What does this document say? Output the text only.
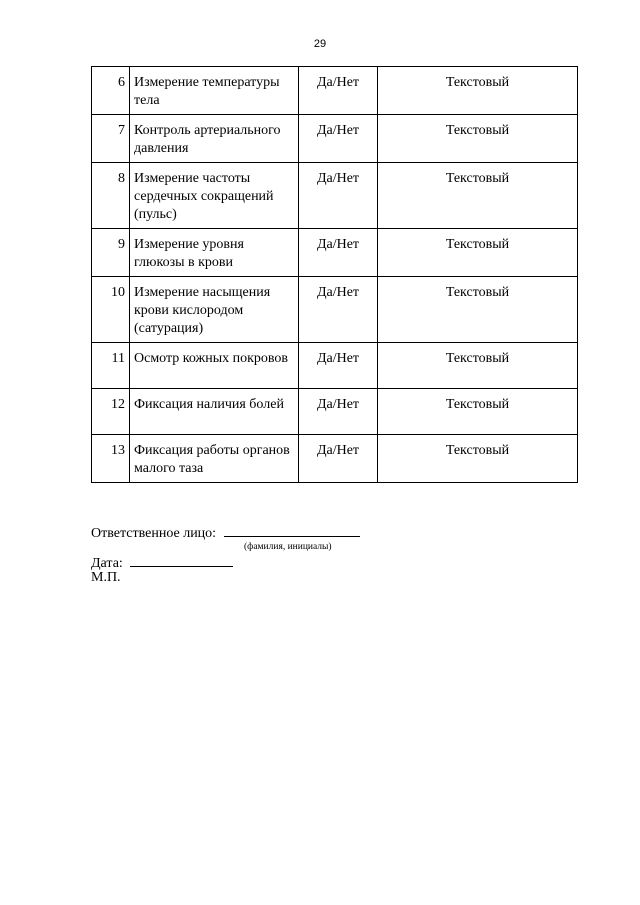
29
6	Измерение температуры тела	Да/Нет	Текстовый
7	Контроль артериального давления	Да/Нет	Текстовый
8	Измерение частоты сердечных сокращений (пульс)	Да/Нет	Текстовый
9	Измерение уровня глюкозы в крови	Да/Нет	Текстовый
10	Измерение насыщения крови кислородом (сатурация)	Да/Нет	Текстовый
11	Осмотр кожных покровов	Да/Нет	Текстовый
12	Фиксация наличия болей	Да/Нет	Текстовый
13	Фиксация работы органов малого таза	Да/Нет	Текстовый
Ответственное лицо:
(фамилия, инициалы)
Дата:
М.П.
